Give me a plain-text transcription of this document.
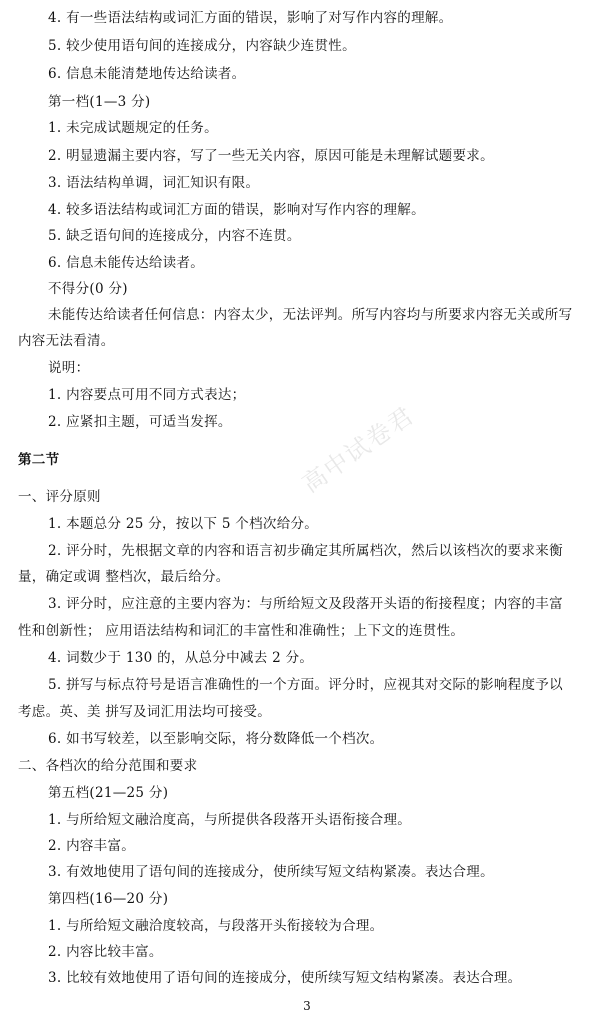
4. 有一些语法结构或词汇方面的错误，影响了对写作内容的理解。
5. 较少使用语句间的连接成分，内容缺少连贯性。
6. 信息未能清楚地传达给读者。
第一档(1—3 分)
1. 未完成试题规定的任务。
2. 明显遗漏主要内容，写了一些无关内容，原因可能是未理解试题要求。
3. 语法结构单调，词汇知识有限。
4. 较多语法结构或词汇方面的错误，影响对写作内容的理解。
5. 缺乏语句间的连接成分，内容不连贯。
6. 信息未能传达给读者。
不得分(0 分)
未能传达给读者任何信息：内容太少，无法评判。所写内容均与所要求内容无关或所写
内容无法看清。
说明：
1. 内容要点可用不同方式表达；
2. 应紧扣主题，可适当发挥。
第二节
一、评分原则
1. 本题总分 25 分，按以下 5 个档次给分。
2. 评分时，先根据文章的内容和语言初步确定其所属档次，然后以该档次的要求来衡
量，确定或调 整档次，最后给分。
3. 评分时，应注意的主要内容为：与所给短文及段落开头语的衔接程度；内容的丰富
性和创新性； 应用语法结构和词汇的丰富性和准确性；上下文的连贯性。
4. 词数少于 130 的，从总分中减去 2 分。
5. 拼写与标点符号是语言准确性的一个方面。评分时，应视其对交际的影响程度予以
考虑。英、美 拼写及词汇用法均可接受。
6. 如书写较差，以至影响交际，将分数降低一个档次。
二、各档次的给分范围和要求
第五档(21—25 分)
1. 与所给短文融洽度高，与所提供各段落开头语衔接合理。
2. 内容丰富。
3. 有效地使用了语句间的连接成分，使所续写短文结构紧凑。表达合理。
第四档(16—20 分)
1. 与所给短文融洽度较高，与段落开头衔接较为合理。
2. 内容比较丰富。
3. 比较有效地使用了语句间的连接成分，使所续写短文结构紧凑。表达合理。
高中试卷君
3
